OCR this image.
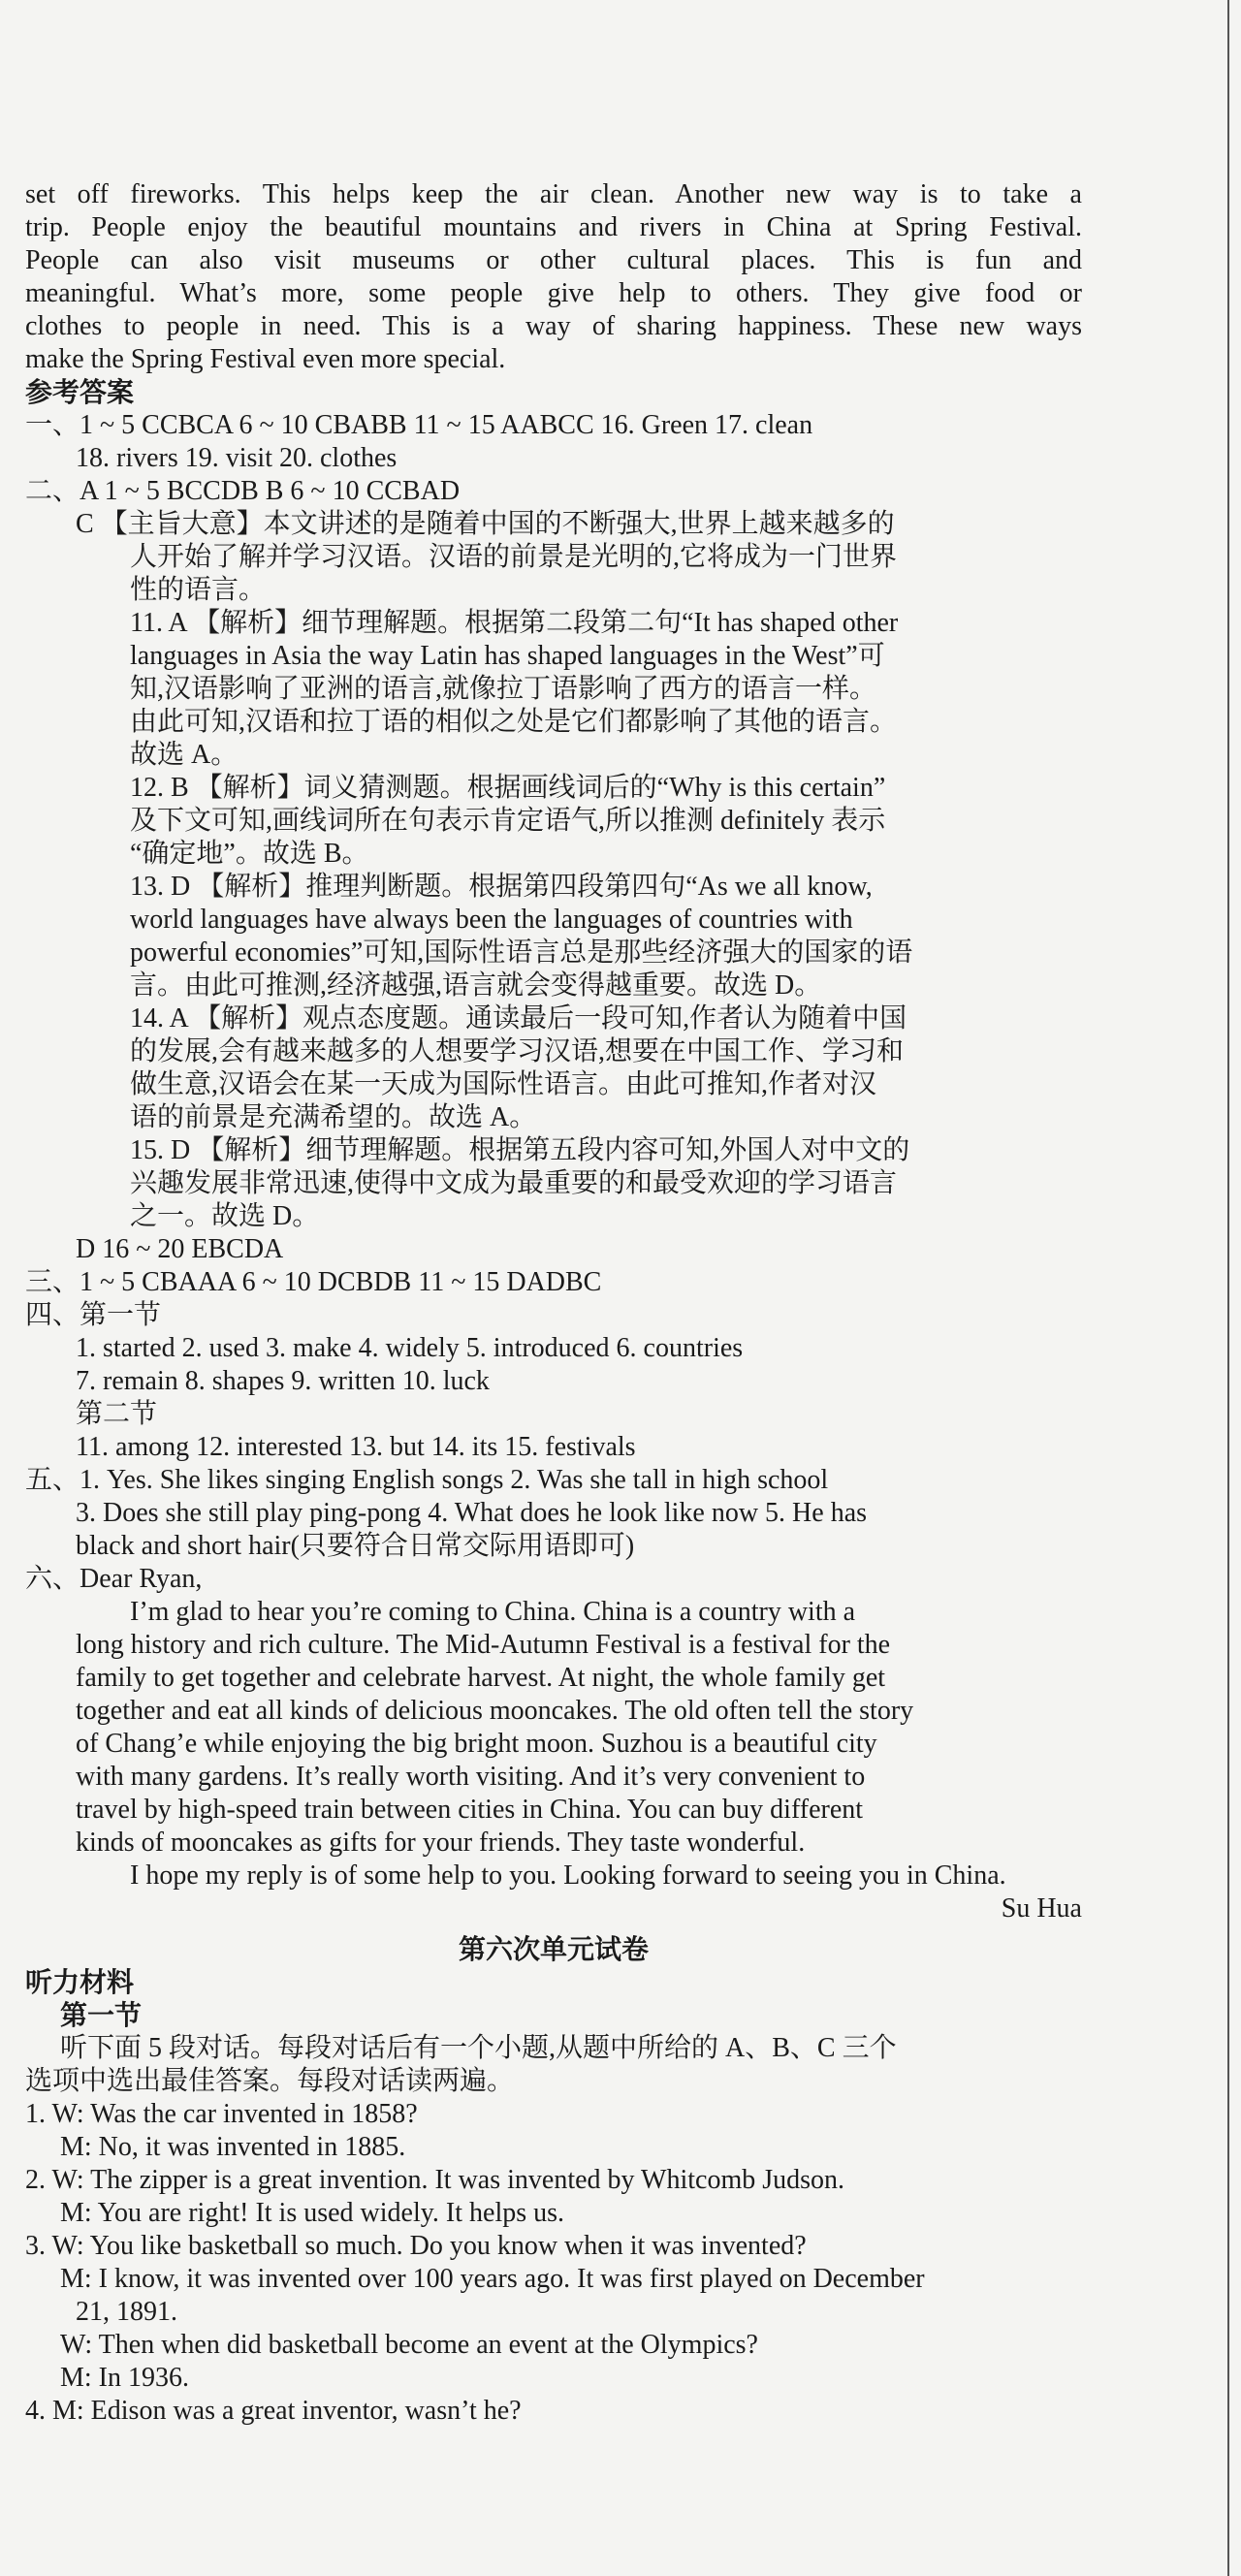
set off fireworks. This helps keep the air clean. Another new way is to take a
trip. People enjoy the beautiful mountains and rivers in China at Spring Festival.
People can also visit museums or other cultural places. This is fun and
meaningful. What’s more, some people give help to others. They give food or
clothes to people in need. This is a way of sharing happiness. These new ways
make the Spring Festival even more special.
参考答案
一、1 ~ 5 CCBCA 6 ~ 10 CBABB 11 ~ 15 AABCC 16. Green 17. clean
18. rivers 19. visit 20. clothes
二、A 1 ~ 5 BCCDB B 6 ~ 10 CCBAD
C 【主旨大意】本文讲述的是随着中国的不断强大,世界上越来越多的
人开始了解并学习汉语。汉语的前景是光明的,它将成为一门世界
性的语言。
11. A 【解析】细节理解题。根据第二段第二句“It has shaped other
languages in Asia the way Latin has shaped languages in the West”可
知,汉语影响了亚洲的语言,就像拉丁语影响了西方的语言一样。
由此可知,汉语和拉丁语的相似之处是它们都影响了其他的语言。
故选 A。
12. B 【解析】词义猜测题。根据画线词后的“Why is this certain”
及下文可知,画线词所在句表示肯定语气,所以推测 definitely 表示
“确定地”。故选 B。
13. D 【解析】推理判断题。根据第四段第四句“As we all know,
world languages have always been the languages of countries with
powerful economies”可知,国际性语言总是那些经济强大的国家的语
言。由此可推测,经济越强,语言就会变得越重要。故选 D。
14. A 【解析】观点态度题。通读最后一段可知,作者认为随着中国
的发展,会有越来越多的人想要学习汉语,想要在中国工作、学习和
做生意,汉语会在某一天成为国际性语言。由此可推知,作者对汉
语的前景是充满希望的。故选 A。
15. D 【解析】细节理解题。根据第五段内容可知,外国人对中文的
兴趣发展非常迅速,使得中文成为最重要的和最受欢迎的学习语言
之一。故选 D。
D 16 ~ 20 EBCDA
三、1 ~ 5 CBAAA 6 ~ 10 DCBDB 11 ~ 15 DADBC
四、第一节
1. started 2. used 3. make 4. widely 5. introduced 6. countries
7. remain 8. shapes 9. written 10. luck
第二节
11. among 12. interested 13. but 14. its 15. festivals
五、1. Yes. She likes singing English songs 2. Was she tall in high school
3. Does she still play ping-pong 4. What does he look like now 5. He has
black and short hair(只要符合日常交际用语即可)
六、Dear Ryan,
I’m glad to hear you’re coming to China. China is a country with a
long history and rich culture. The Mid-Autumn Festival is a festival for the
family to get together and celebrate harvest. At night, the whole family get
together and eat all kinds of delicious mooncakes. The old often tell the story
of Chang’e while enjoying the big bright moon. Suzhou is a beautiful city
with many gardens. It’s really worth visiting. And it’s very convenient to
travel by high-speed train between cities in China. You can buy different
kinds of mooncakes as gifts for your friends. They taste wonderful.
I hope my reply is of some help to you. Looking forward to seeing you in China.
Su Hua
第六次单元试卷
听力材料
第一节
听下面 5 段对话。每段对话后有一个小题,从题中所给的 A、B、C 三个
选项中选出最佳答案。每段对话读两遍。
1. W: Was the car invented in 1858?
M: No, it was invented in 1885.
2. W: The zipper is a great invention. It was invented by Whitcomb Judson.
M: You are right! It is used widely. It helps us.
3. W: You like basketball so much. Do you know when it was invented?
M: I know, it was invented over 100 years ago. It was first played on December
21, 1891.
W: Then when did basketball become an event at the Olympics?
M: In 1936.
4. M: Edison was a great inventor, wasn’t he?
